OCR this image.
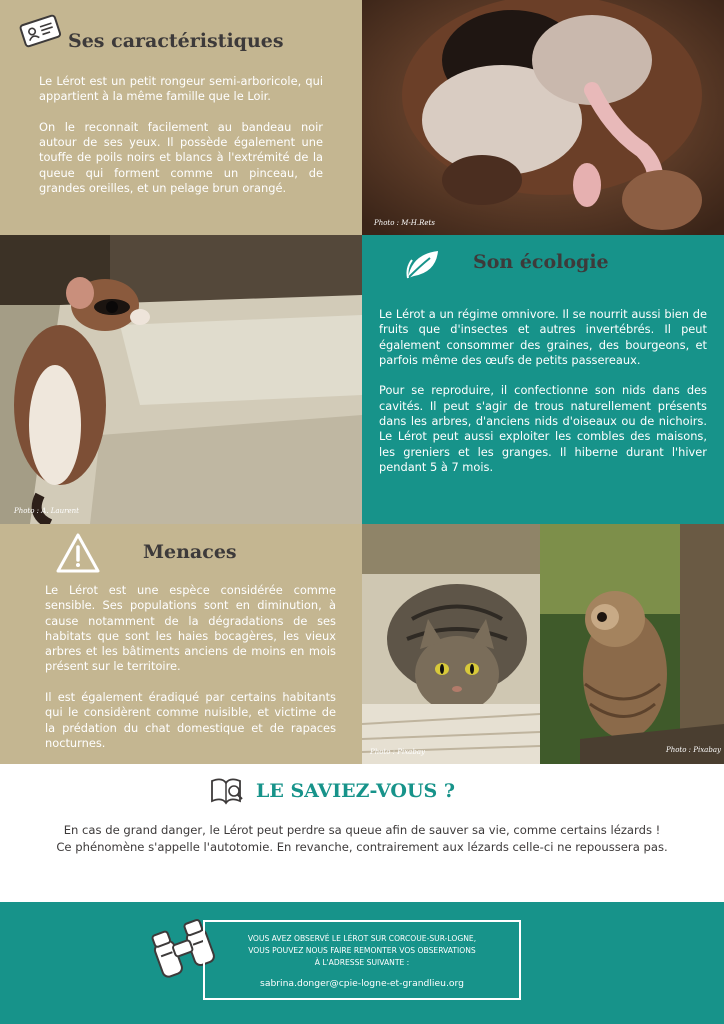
Ses caractéristiques

Le Lérot est un petit rongeur semi-arboricole, qui appartient à la même famille que le Loir.

On le reconnait facilement au bandeau noir autour de ses yeux. Il possède également une touffe de poils noirs et blancs à l'extrémité de la queue qui forment comme un pinceau, de grandes oreilles, et un pelage brun orangé.

Photo : M-H.Rets
Photo : A. Laurent
Son écologie

Le Lérot a un régime omnivore. Il se nourrit aussi bien de fruits que d'insectes et autres invertébrés. Il peut également consommer des graines, des bourgeons, et parfois même des œufs de petits passereaux.

Pour se reproduire, il confectionne son nids dans des cavités. Il peut s'agir de trous naturellement présents dans les arbres, d'anciens nids d'oiseaux ou de nichoirs. Le Lérot peut aussi exploiter les combles des maisons, les greniers et les granges. Il hiberne durant l'hiver pendant 5 à 7 mois.

Menaces

Le Lérot est une espèce considérée comme sensible. Ses populations sont en diminution, à cause notamment de la dégradations de ses habitats que sont les haies bocagères, les vieux arbres et les bâtiments anciens de moins en mois présent sur le territoire.

Il est également éradiqué par certains habitants qui le considèrent comme nuisible, et victime de la prédation du chat domestique et de rapaces nocturnes.

Photo : Pixabay	Photo : Pixabay
LE SAVIEZ-VOUS ?
En cas de grand danger, le Lérot peut perdre sa queue afin de sauver sa vie, comme certains lézards !
Ce phénomène s'appelle l'autotomie. En revanche, contrairement aux lézards celle-ci ne repoussera pas.
VOUS AVEZ OBSERVÉ LE LÉROT SUR CORCOUE-SUR-LOGNE,
VOUS POUVEZ NOUS FAIRE REMONTER VOS OBSERVATIONS
À L'ADRESSE SUIVANTE :
sabrina.donger@cpie-logne-et-grandlieu.org
